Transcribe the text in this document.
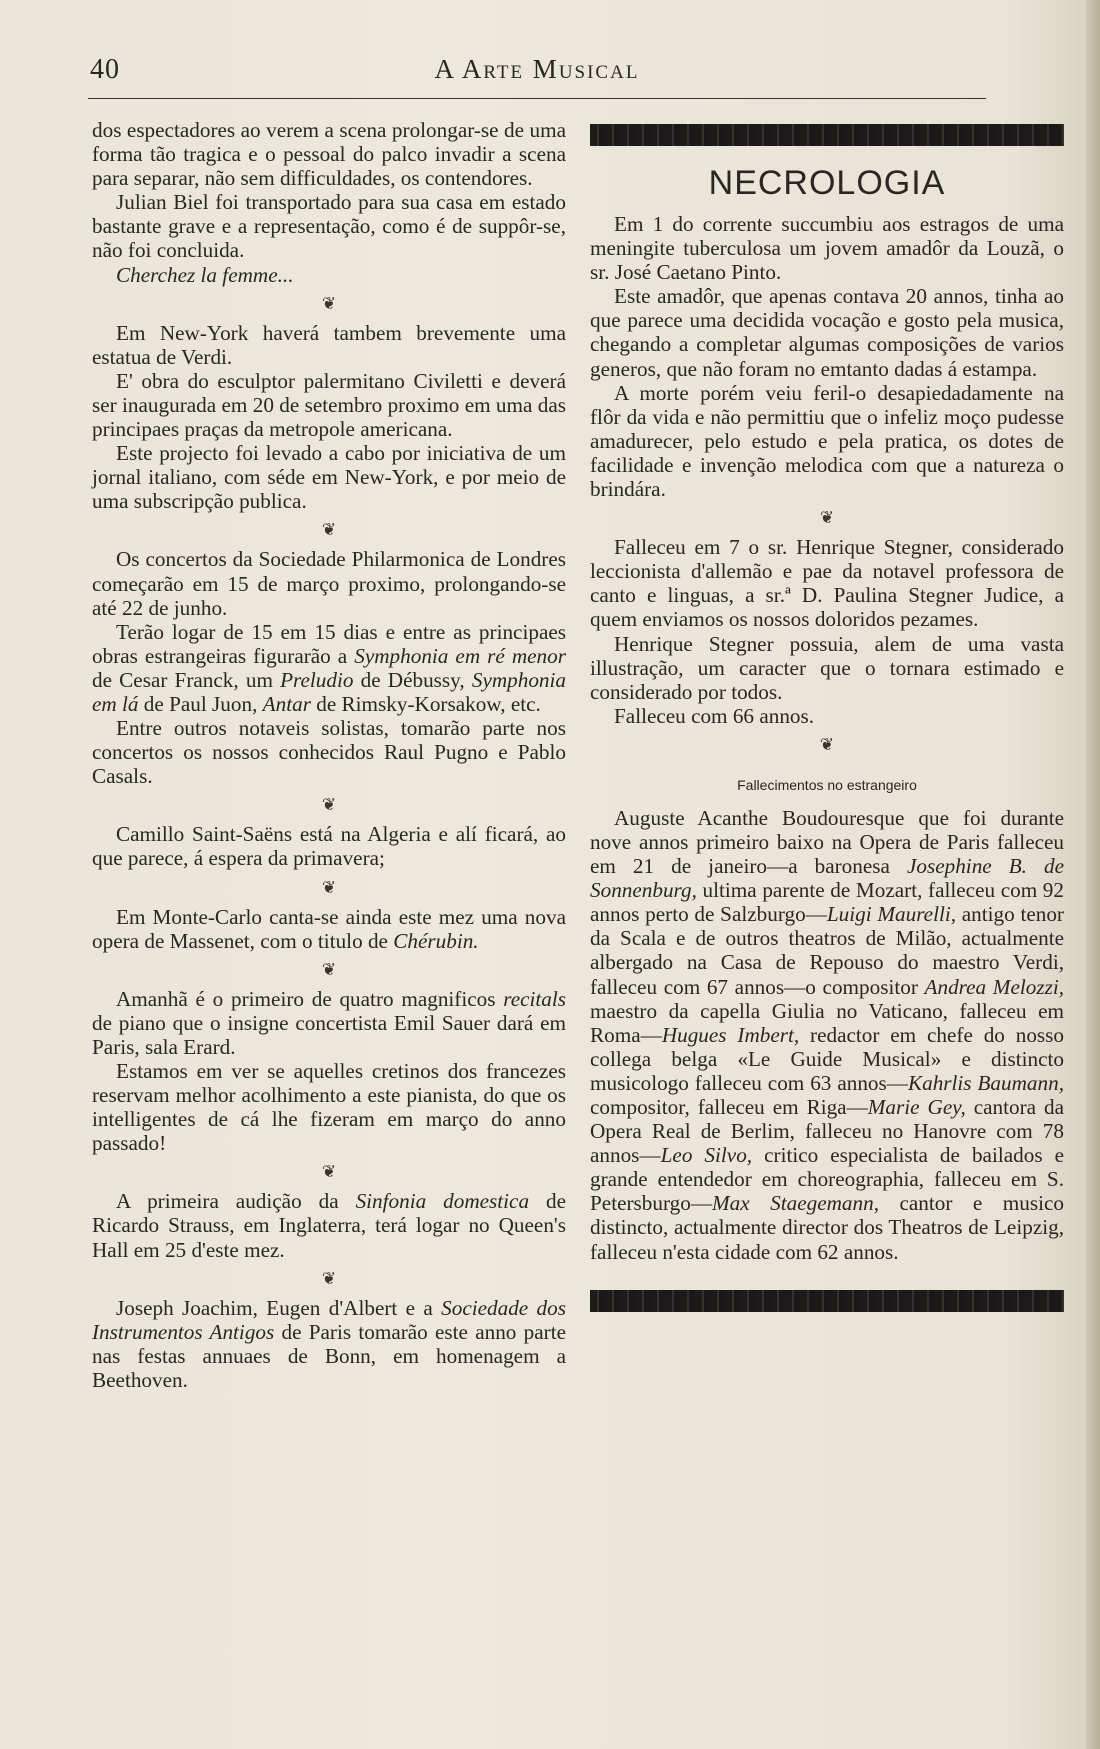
40	A Arte Musical

dos espectadores ao verem a scena prolongar-se de uma forma tão tragica e o pessoal do palco invadir a scena para separar, não sem difficuldades, os contendores.

Julian Biel foi transportado para sua casa em estado bastante grave e a representação, como é de suppôr-se, não foi concluida.

Cherchez la femme...

❦

Em New-York haverá tambem brevemente uma estatua de Verdi.

E' obra do esculptor palermitano Civiletti e deverá ser inaugurada em 20 de setembro proximo em uma das principaes praças da metropole americana.

Este projecto foi levado a cabo por iniciativa de um jornal italiano, com séde em New-York, e por meio de uma subscripção publica.

❦

Os concertos da Sociedade Philarmonica de Londres começarão em 15 de março proximo, prolongando-se até 22 de junho.

Terão logar de 15 em 15 dias e entre as principaes obras estrangeiras figurarão a Symphonia em ré menor de Cesar Franck, um Preludio de Débussy, Symphonia em lá de Paul Juon, Antar de Rimsky-Korsakow, etc.

Entre outros notaveis solistas, tomarão parte nos concertos os nossos conhecidos Raul Pugno e Pablo Casals.

❦

Camillo Saint-Saëns está na Algeria e alí ficará, ao que parece, á espera da primavera;

❦

Em Monte-Carlo canta-se ainda este mez uma nova opera de Massenet, com o titulo de Chérubin.

❦

Amanhã é o primeiro de quatro magnificos recitals de piano que o insigne concertista Emil Sauer dará em Paris, sala Erard.

Estamos em ver se aquelles cretinos dos francezes reservam melhor acolhimento a este pianista, do que os intelligentes de cá lhe fizeram em março do anno passado!

❦

A primeira audição da Sinfonia domestica de Ricardo Strauss, em Inglaterra, terá logar no Queen's Hall em 25 d'este mez.

❦

Joseph Joachim, Eugen d'Albert e a Sociedade dos Instrumentos Antigos de Paris tomarão este anno parte nas festas annuaes de Bonn, em homenagem a Beethoven.

NECROLOGIA

Em 1 do corrente succumbiu aos estragos de uma meningite tuberculosa um jovem amadôr da Louzã, o sr. José Caetano Pinto.

Este amadôr, que apenas contava 20 annos, tinha ao que parece uma decidida vocação e gosto pela musica, chegando a completar algumas composições de varios generos, que não foram no emtanto dadas á estampa.

A morte porém veiu feril-o desapiedadamente na flôr da vida e não permittiu que o infeliz moço pudesse amadurecer, pelo estudo e pela pratica, os dotes de facilidade e invenção melodica com que a natureza o brindára.

❦

Falleceu em 7 o sr. Henrique Stegner, considerado leccionista d'allemão e pae da notavel professora de canto e linguas, a sr.ª D. Paulina Stegner Judice, a quem enviamos os nossos doloridos pezames.

Henrique Stegner possuia, alem de uma vasta illustração, um caracter que o tornara estimado e considerado por todos.

Falleceu com 66 annos.

❦
Fallecimentos no estrangeiro

Auguste Acanthe Boudouresque que foi durante nove annos primeiro baixo na Opera de Paris falleceu em 21 de janeiro—a baronesa Josephine B. de Sonnenburg, ultima parente de Mozart, falleceu com 92 annos perto de Salzburgo—Luigi Maurelli, antigo tenor da Scala e de outros theatros de Milão, actualmente albergado na Casa de Repouso do maestro Verdi, falleceu com 67 annos—o compositor Andrea Melozzi, maestro da capella Giulia no Vaticano, falleceu em Roma—Hugues Imbert, redactor em chefe do nosso collega belga «Le Guide Musical» e distincto musicologo falleceu com 63 annos—Kahrlis Baumann, compositor, falleceu em Riga—Marie Gey, cantora da Opera Real de Berlim, falleceu no Hanovre com 78 annos—Leo Silvo, critico especialista de bailados e grande entendedor em choreographia, falleceu em S. Petersburgo—Max Staegemann, cantor e musico distincto, actualmente director dos Theatros de Leipzig, falleceu n'esta cidade com 62 annos.
